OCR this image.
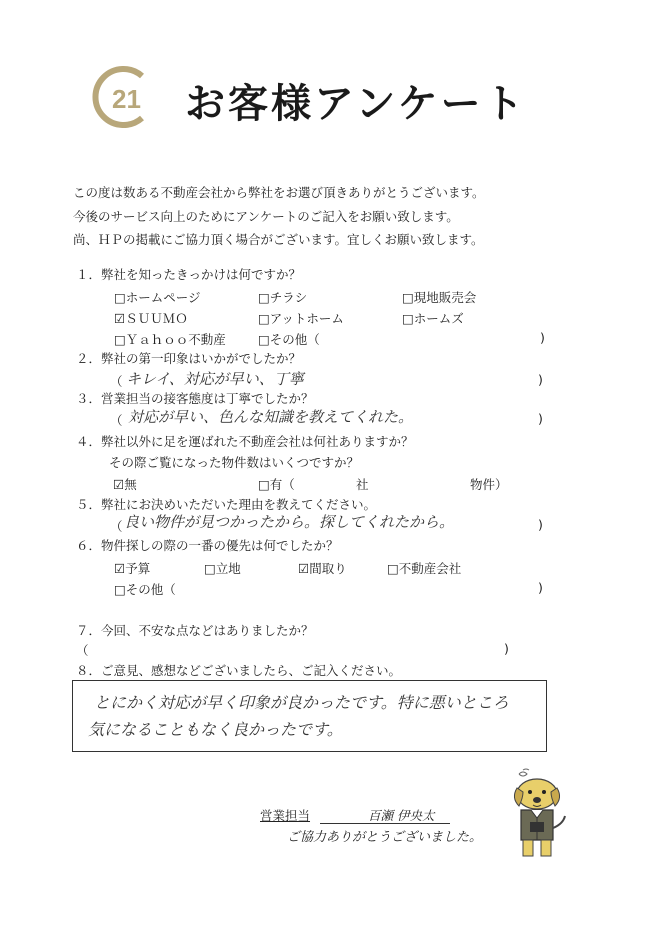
21 お客様アンケート
この度は数ある不動産会社から弊社をお選び頂きありがとうございます。
今後のサービス向上のためにアンケートのご記入をお願い致します。
尚、ＨＰの掲載にご協力頂く場合がございます。宜しくお願い致します。
１．弊社を知ったきっかけは何ですか？
□ホームページ	□チラシ	□現地販売会
☑ＳＵＵＭＯ	□アットホーム	□ホームズ
□Ｙａｈｏｏ不動産	□その他（	)
２．弊社の第一印象はいかがでしたか？
（ キレイ、対応が早い、丁寧	)
３．営業担当の接客態度は丁寧でしたか？
（ 対応が早い、色んな知識を教えてくれた。	)
４．弊社以外に足を運ばれた不動産会社は何社ありますか？
その際ご覧になった物件数はいくつですか？
☑無	□有（	社	物件）
５．弊社にお決めいただいた理由を教えてください。
（ 良い物件が見つかったから。探してくれたから。	)
６．物件探しの際の一番の優先は何でしたか？
☑予算	□立地	☑間取り	□不動産会社
□その他（	)
７．今回、不安な点などはありましたか？
（	)
８．ご意見、感想などございましたら、ご記入ください。
とにかく対応が早く印象が良かったです。特に悪いところ
気になることもなく良かったです。
営業担当	百瀬 伊央太
ご協力ありがとうございました。
